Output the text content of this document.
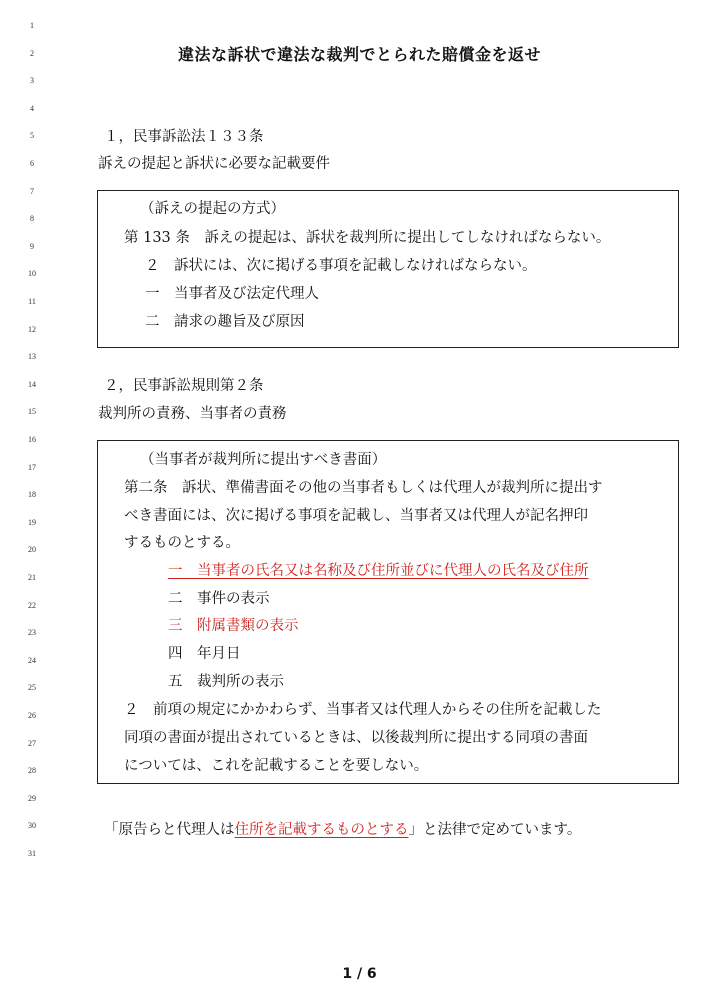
1
2
3
4
5
6
7
8
9
10
11
12
13
14
15
16
17
18
19
20
21
22
23
24
25
26
27
28
29
30
31
違法な訴状で違法な裁判でとられた賠償金を返せ
１，民事訴訟法１３３条
訴えの提起と訴状に必要な記載要件
（訴えの提起の方式）
第 133 条　訴えの提起は、訴状を裁判所に提出してしなければならない。
２　訴状には、次に掲げる事項を記載しなければならない。
一　当事者及び法定代理人
二　請求の趣旨及び原因
２，民事訴訟規則第２条
裁判所の責務、当事者の責務
（当事者が裁判所に提出すべき書面）
第二条　訴状、準備書面その他の当事者もしくは代理人が裁判所に提出す
べき書面には、次に掲げる事項を記載し、当事者又は代理人が記名押印
するものとする。
一　当事者の氏名又は名称及び住所並びに代理人の氏名及び住所
二　事件の表示
三　附属書類の表示
四　年月日
五　裁判所の表示
２　前項の規定にかかわらず、当事者又は代理人からその住所を記載した
同項の書面が提出されているときは、以後裁判所に提出する同項の書面
については、これを記載することを要しない。
「原告らと代理人は住所を記載するものとする」と法律で定めています。
1 / 6
